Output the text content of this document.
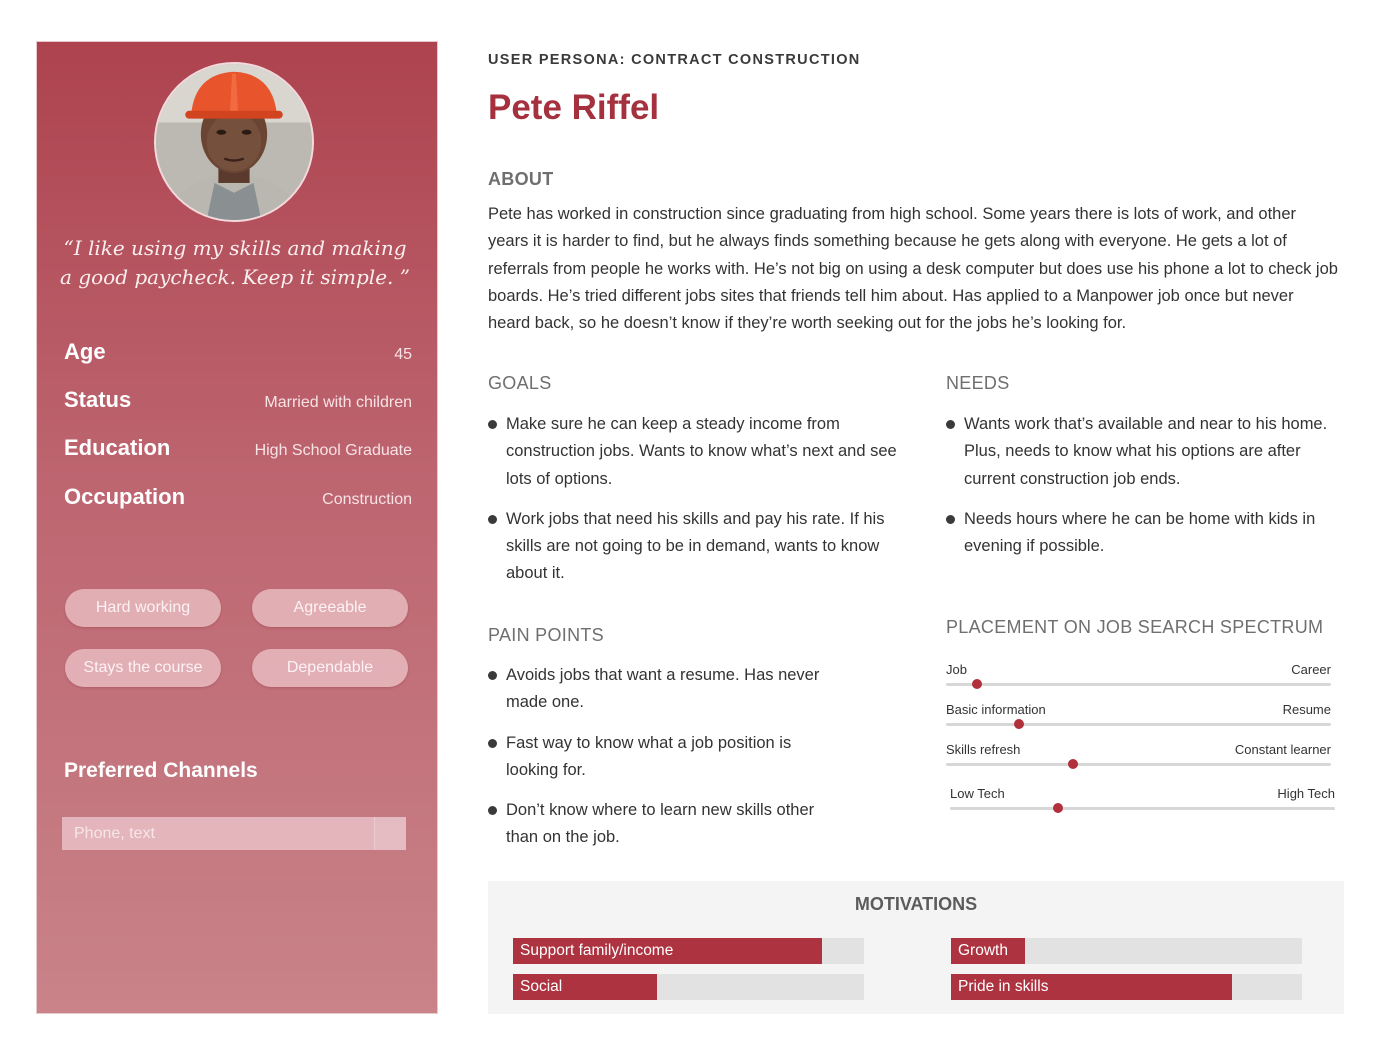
“I like using my skills and making a good paycheck. Keep it simple. ”
Age	45
Status	Married with children
Education	High School Graduate
Occupation	Construction
Hard working	Agreeable
Stays the course	Dependable
Preferred Channels
Phone, text
USER PERSONA: CONTRACT CONSTRUCTION
Pete Riffel
ABOUT
Pete has worked in construction since graduating from high school. Some years there is lots of work, and other years it is harder to find, but he always finds something because he gets along with everyone. He gets a lot of referrals from people he works with. He’s not big on using a desk computer but does use his phone a lot to check job boards. He’s tried different jobs sites that friends tell him about. Has applied to a Manpower job once but never heard back, so he doesn’t know if they’re worth seeking out for the jobs he’s looking for.
GOALS
Make sure he can keep a steady income from construction jobs. Wants to know what’s next and see lots of options.
Work jobs that need his skills and pay his rate. If his skills are not going to be in demand, wants to know about it.
NEEDS
Wants work that’s available and near to his home. Plus, needs to know what his options are after current construction job ends.
Needs hours where he can be home with kids in evening if possible.
PAIN POINTS
Avoids jobs that want a resume. Has never made one.
Fast way to know what a job position is looking for.
Don’t know where to learn new skills other than on the job.
PLACEMENT ON JOB SEARCH SPECTRUM
Job	Career
Basic information	Resume
Skills refresh	Constant learner
Low Tech	High Tech
MOTIVATIONS
Support family/income	Growth
Social	Pride in skills
